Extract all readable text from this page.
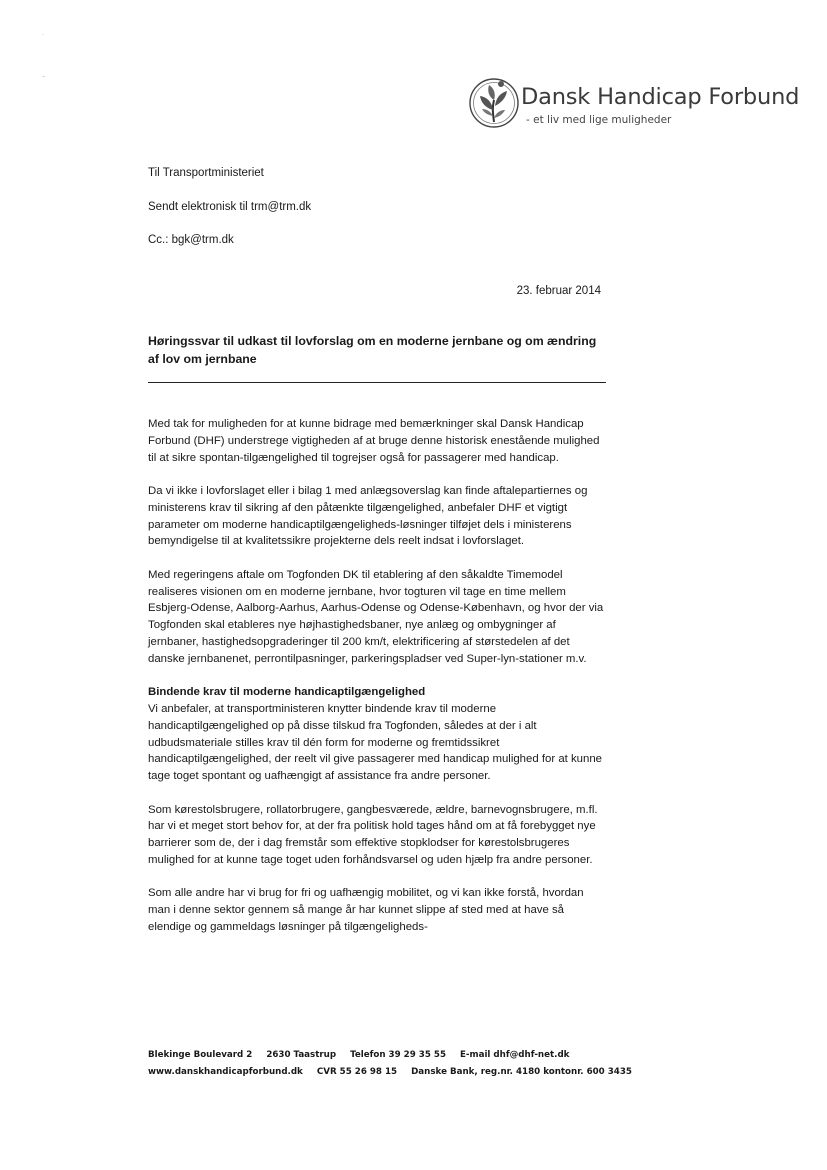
˙
-
Dansk Handicap Forbund
- et liv med lige muligheder
Til Transportministeriet
Sendt elektronisk til trm@trm.dk
Cc.: bgk@trm.dk
23. februar 2014
Høringssvar til udkast til lovforslag om en moderne jernbane og om ændring af lov om jernbane

Med tak for muligheden for at kunne bidrage med bemærkninger skal Dansk Handicap Forbund (DHF) understrege vigtigheden af at bruge denne historisk enestående mulighed til at sikre spontan-tilgængelighed til togrejser også for passagerer med handicap.

Da vi ikke i lovforslaget eller i bilag 1 med anlægsoverslag kan finde aftalepartiernes og ministerens krav til sikring af den påtænkte tilgængelighed, anbefaler DHF et vigtigt parameter om moderne handicaptilgængeligheds-løsninger tilføjet dels i ministerens bemyndigelse til at kvalitetssikre projekterne dels reelt indsat i lovforslaget.

Med regeringens aftale om Togfonden DK til etablering af den såkaldte Timemodel realiseres visionen om en moderne jernbane, hvor togturen vil tage en time mellem Esbjerg-Odense, Aalborg-Aarhus, Aarhus-Odense og Odense-København, og hvor der via Togfonden skal etableres nye højhastighedsbaner, nye anlæg og ombygninger af jernbaner, hastighedsopgraderinger til 200 km/t, elektrificering af størstedelen af det danske jernbanenet, perrontilpasninger, parkeringspladser ved Super-lyn-stationer m.v.

Bindende krav til moderne handicaptilgængelighed
Vi anbefaler, at transportministeren knytter bindende krav til moderne handicaptilgængelighed op på disse tilskud fra Togfonden, således at der i alt udbudsmateriale stilles krav til dén form for moderne og fremtidssikret handicaptilgængelighed, der reelt vil give passagerer med handicap mulighed for at kunne tage toget spontant og uafhængigt af assistance fra andre personer.

Som kørestolsbrugere, rollatorbrugere, gangbesværede, ældre, barnevognsbrugere, m.fl. har vi et meget stort behov for, at der fra politisk hold tages hånd om at få forebygget nye barrierer som de, der i dag fremstår som effektive stopklodser for kørestolsbrugeres mulighed for at kunne tage toget uden forhåndsvarsel og uden hjælp fra andre personer.

Som alle andre har vi brug for fri og uafhængig mobilitet, og vi kan ikke forstå, hvordan man i denne sektor gennem så mange år har kunnet slippe af sted med at have så elendige og gammeldags løsninger på tilgængeligheds-

Blekinge Boulevard 2 2630 Taastrup Telefon 39 29 35 55 E-mail dhf@dhf-net.dk
www.danskhandicapforbund.dk CVR 55 26 98 15 Danske Bank, reg.nr. 4180 kontonr. 600 3435
